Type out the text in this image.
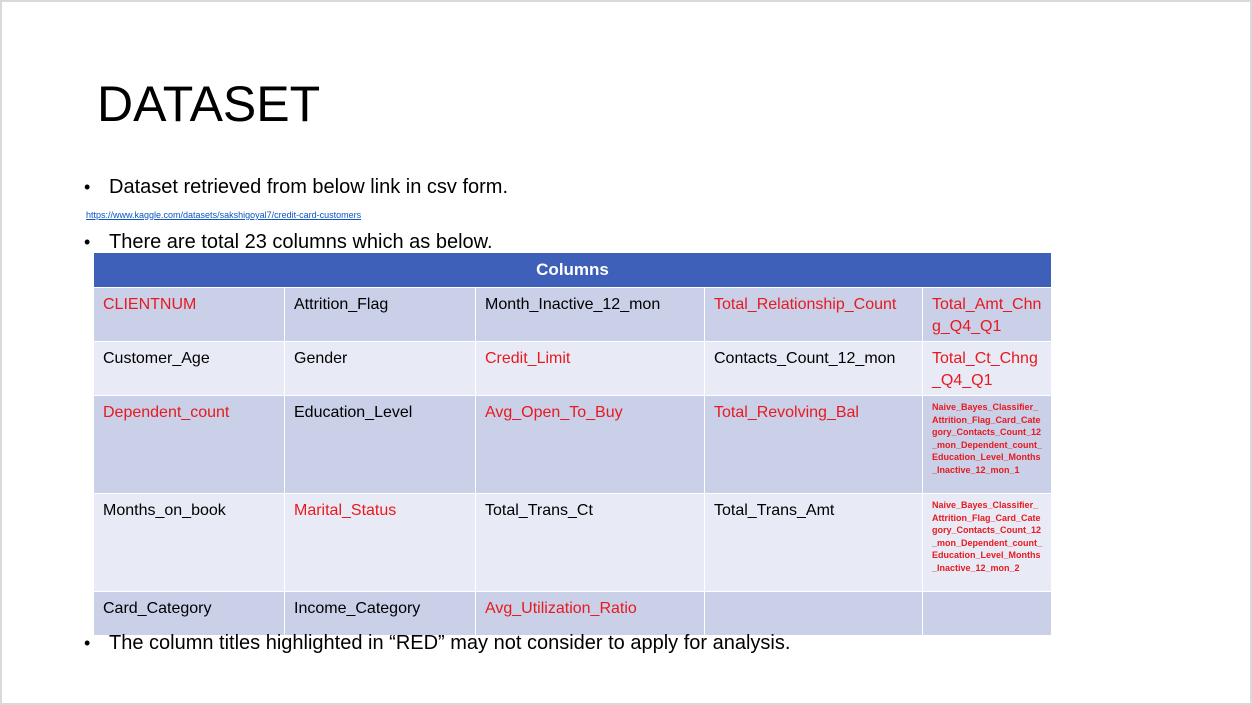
DATASET
• Dataset retrieved from below link in csv form.
https://www.kaggle.com/datasets/sakshigoyal7/credit-card-customers
• There are total 23 columns which as below.
Columns				
CLIENTNUM	Attrition_Flag	Month_Inactive_12_mon	Total_Relationship_Count	Total_Amt_Chng_Q4_Q1
Customer_Age	Gender	Credit_Limit	Contacts_Count_12_mon	Total_Ct_Chng_Q4_Q1
Dependent_count	Education_Level	Avg_Open_To_Buy	Total_Revolving_Bal	Naive_Bayes_Classifier_Attrition_Flag_Card_Category_Contacts_Count_12_mon_Dependent_count_Education_Level_Months_Inactive_12_mon_1
Months_on_book	Marital_Status	Total_Trans_Ct	Total_Trans_Amt	Naive_Bayes_Classifier_Attrition_Flag_Card_Category_Contacts_Count_12_mon_Dependent_count_Education_Level_Months_Inactive_12_mon_2
Card_Category	Income_Category	Avg_Utilization_Ratio		
• The column titles highlighted in “RED” may not consider to apply for analysis.
